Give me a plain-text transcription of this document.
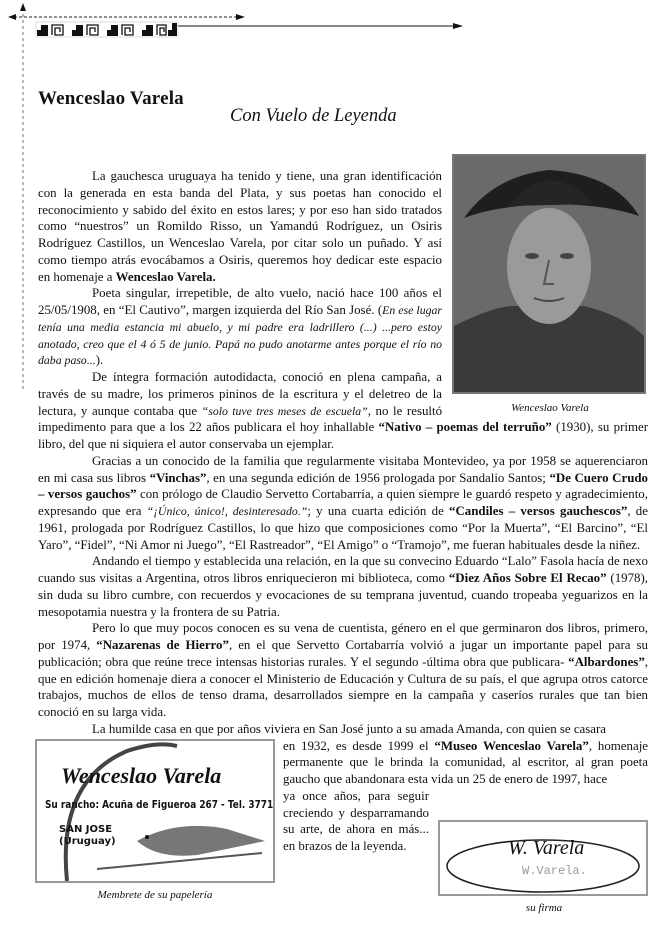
Wenceslao Varela
Con Vuelo de Leyenda
Wenceslao Varela

La gauchesca uruguaya ha tenido y tiene, una gran identificación con la generada en esta banda del Plata, y sus poetas han conocido el reconocimiento y sabido del éxito en estos lares; y por eso han sido tratados como “nuestros” un Romildo Risso, un Yamandú Rodríguez, un Osiris Rodríguez Castillos, un Wenceslao Varela, por citar solo un puñado. Y así como tiempo atrás evocábamos a Osiris, queremos hoy dedicar este espacio en homenaje a Wenceslao Varela.

Poeta singular, irrepetible, de alto vuelo, nació hace 100 años el 25/05/1908, en “El Cautivo”, margen izquierda del Río San José. (En ese lugar tenía una media estancia mi abuelo, y mi padre era ladrillero (...) ...pero estoy anotado, creo que el 4 ó 5 de junio. Papá no pudo anotarme antes porque el río no daba paso...).

De íntegra formación autodidacta, conoció en plena campaña, a través de su madre, los primeros pininos de la escritura y el deletreo de la lectura, y aunque contaba que “solo tuve tres meses de escuela”, no le resultó impedimento para que a los 22 años publicara el hoy inhallable “Nativo – poemas del terruño” (1930), su primer libro, del que ni siquiera el autor conservaba un ejemplar.

Gracias a un conocido de la familia que regularmente visitaba Montevideo, ya por 1958 se aquerenciaron en mi casa sus libros “Vinchas”, en una segunda edición de 1956 prologada por Sandalio Santos; “De Cuero Crudo – versos gauchos” con prólogo de Claudio Servetto Cortabarría, a quien siempre le guardó respeto y agradecimiento, expresando que era “¡Único, único!, desinteresado.”; y una cuarta edición de “Candiles – versos gauchescos”, de 1961, prologada por Rodríguez Castillos, lo que hizo que composiciones como “Por la Muerta”, “El Barcino”, “El Yaro”, “Fidel”, “Ni Amor ni Juego”, “El Rastreador”, “El Amigo” o “Tramojo”, me fueran habituales desde la niñez.

Andando el tiempo y establecida una relación, en la que su convecino Eduardo “Lalo” Fasola hacía de nexo cuando sus visitas a Argentina, otros libros enriquecieron mi biblioteca, como “Diez Años Sobre El Recao” (1978), sin duda su libro cumbre, con recuerdos y evocaciones de su temprana juventud, cuando tropeaba yeguarizos en la mesopotamia nuestra y la frontera de su Patria.

Pero lo que muy pocos conocen es su vena de cuentista, género en el que germinaron dos libros, primero, por 1974, “Nazarenas de Hierro”, en el que Servetto Cortabarría volvió a jugar un importante papel para su publicación; obra que reúne trece intensas historias rurales. Y el segundo -última obra que publicara- “Albardones”, que en edición homenaje diera a conocer el Ministerio de Educación y Cultura de su país, el que agrupa otros catorce trabajos, muchos de ellos de tenso drama, desarrollados siempre en la campaña y caseríos rurales que tan bien conoció en su larga vida.

La humilde casa en que por años viviera en San José junto a su amada Amanda, con quien se casara

en 1932, es desde 1999 el “Museo Wenceslao Varela”, homenaje permanente que le brinda la comunidad, al escritor, al gran poeta gaucho que abandonara esta vida un 25 de enero de 1997, hace

ya once años, para seguir creciendo y desparramando su arte, de ahora en más... en brazos de la leyenda.

Wenceslao Varela
Su rancho: Acuña de Figueroa 267 - Tel. 3771
SAN JOSE
(Uruguay)
Membrete de su papelería
W. Varela
W.Varela.
su firma
